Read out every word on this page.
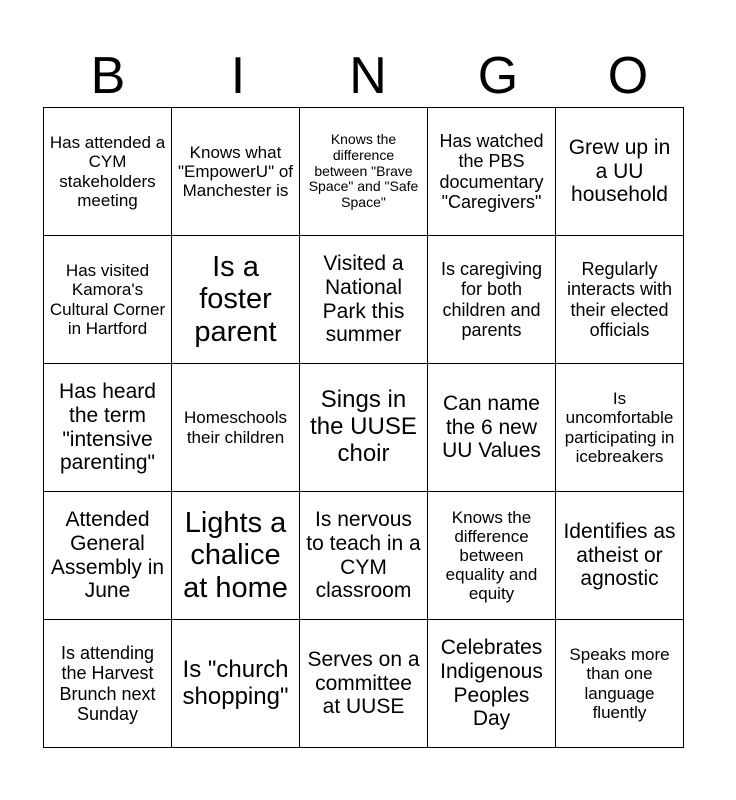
B	I	N	G	O
Has attended a CYM stakeholders meeting	Knows what "EmpowerU" of Manchester is	Knows the difference between "Brave Space" and "Safe Space"	Has watched the PBS documentary "Caregivers"	Grew up in a UU household
Has visited Kamora's Cultural Corner in Hartford	Is a foster parent	Visited a National Park this summer	Is caregiving for both children and parents	Regularly interacts with their elected officials
Has heard the term "intensive parenting"	Homeschools their children	Sings in the UUSE choir	Can name the 6 new UU Values	Is uncomfortable participating in icebreakers
Attended General Assembly in June	Lights a chalice at home	Is nervous to teach in a CYM classroom	Knows the difference between equality and equity	Identifies as atheist or agnostic
Is attending the Harvest Brunch next Sunday	Is "church shopping"	Serves on a committee at UUSE	Celebrates Indigenous Peoples Day	Speaks more than one language fluently
